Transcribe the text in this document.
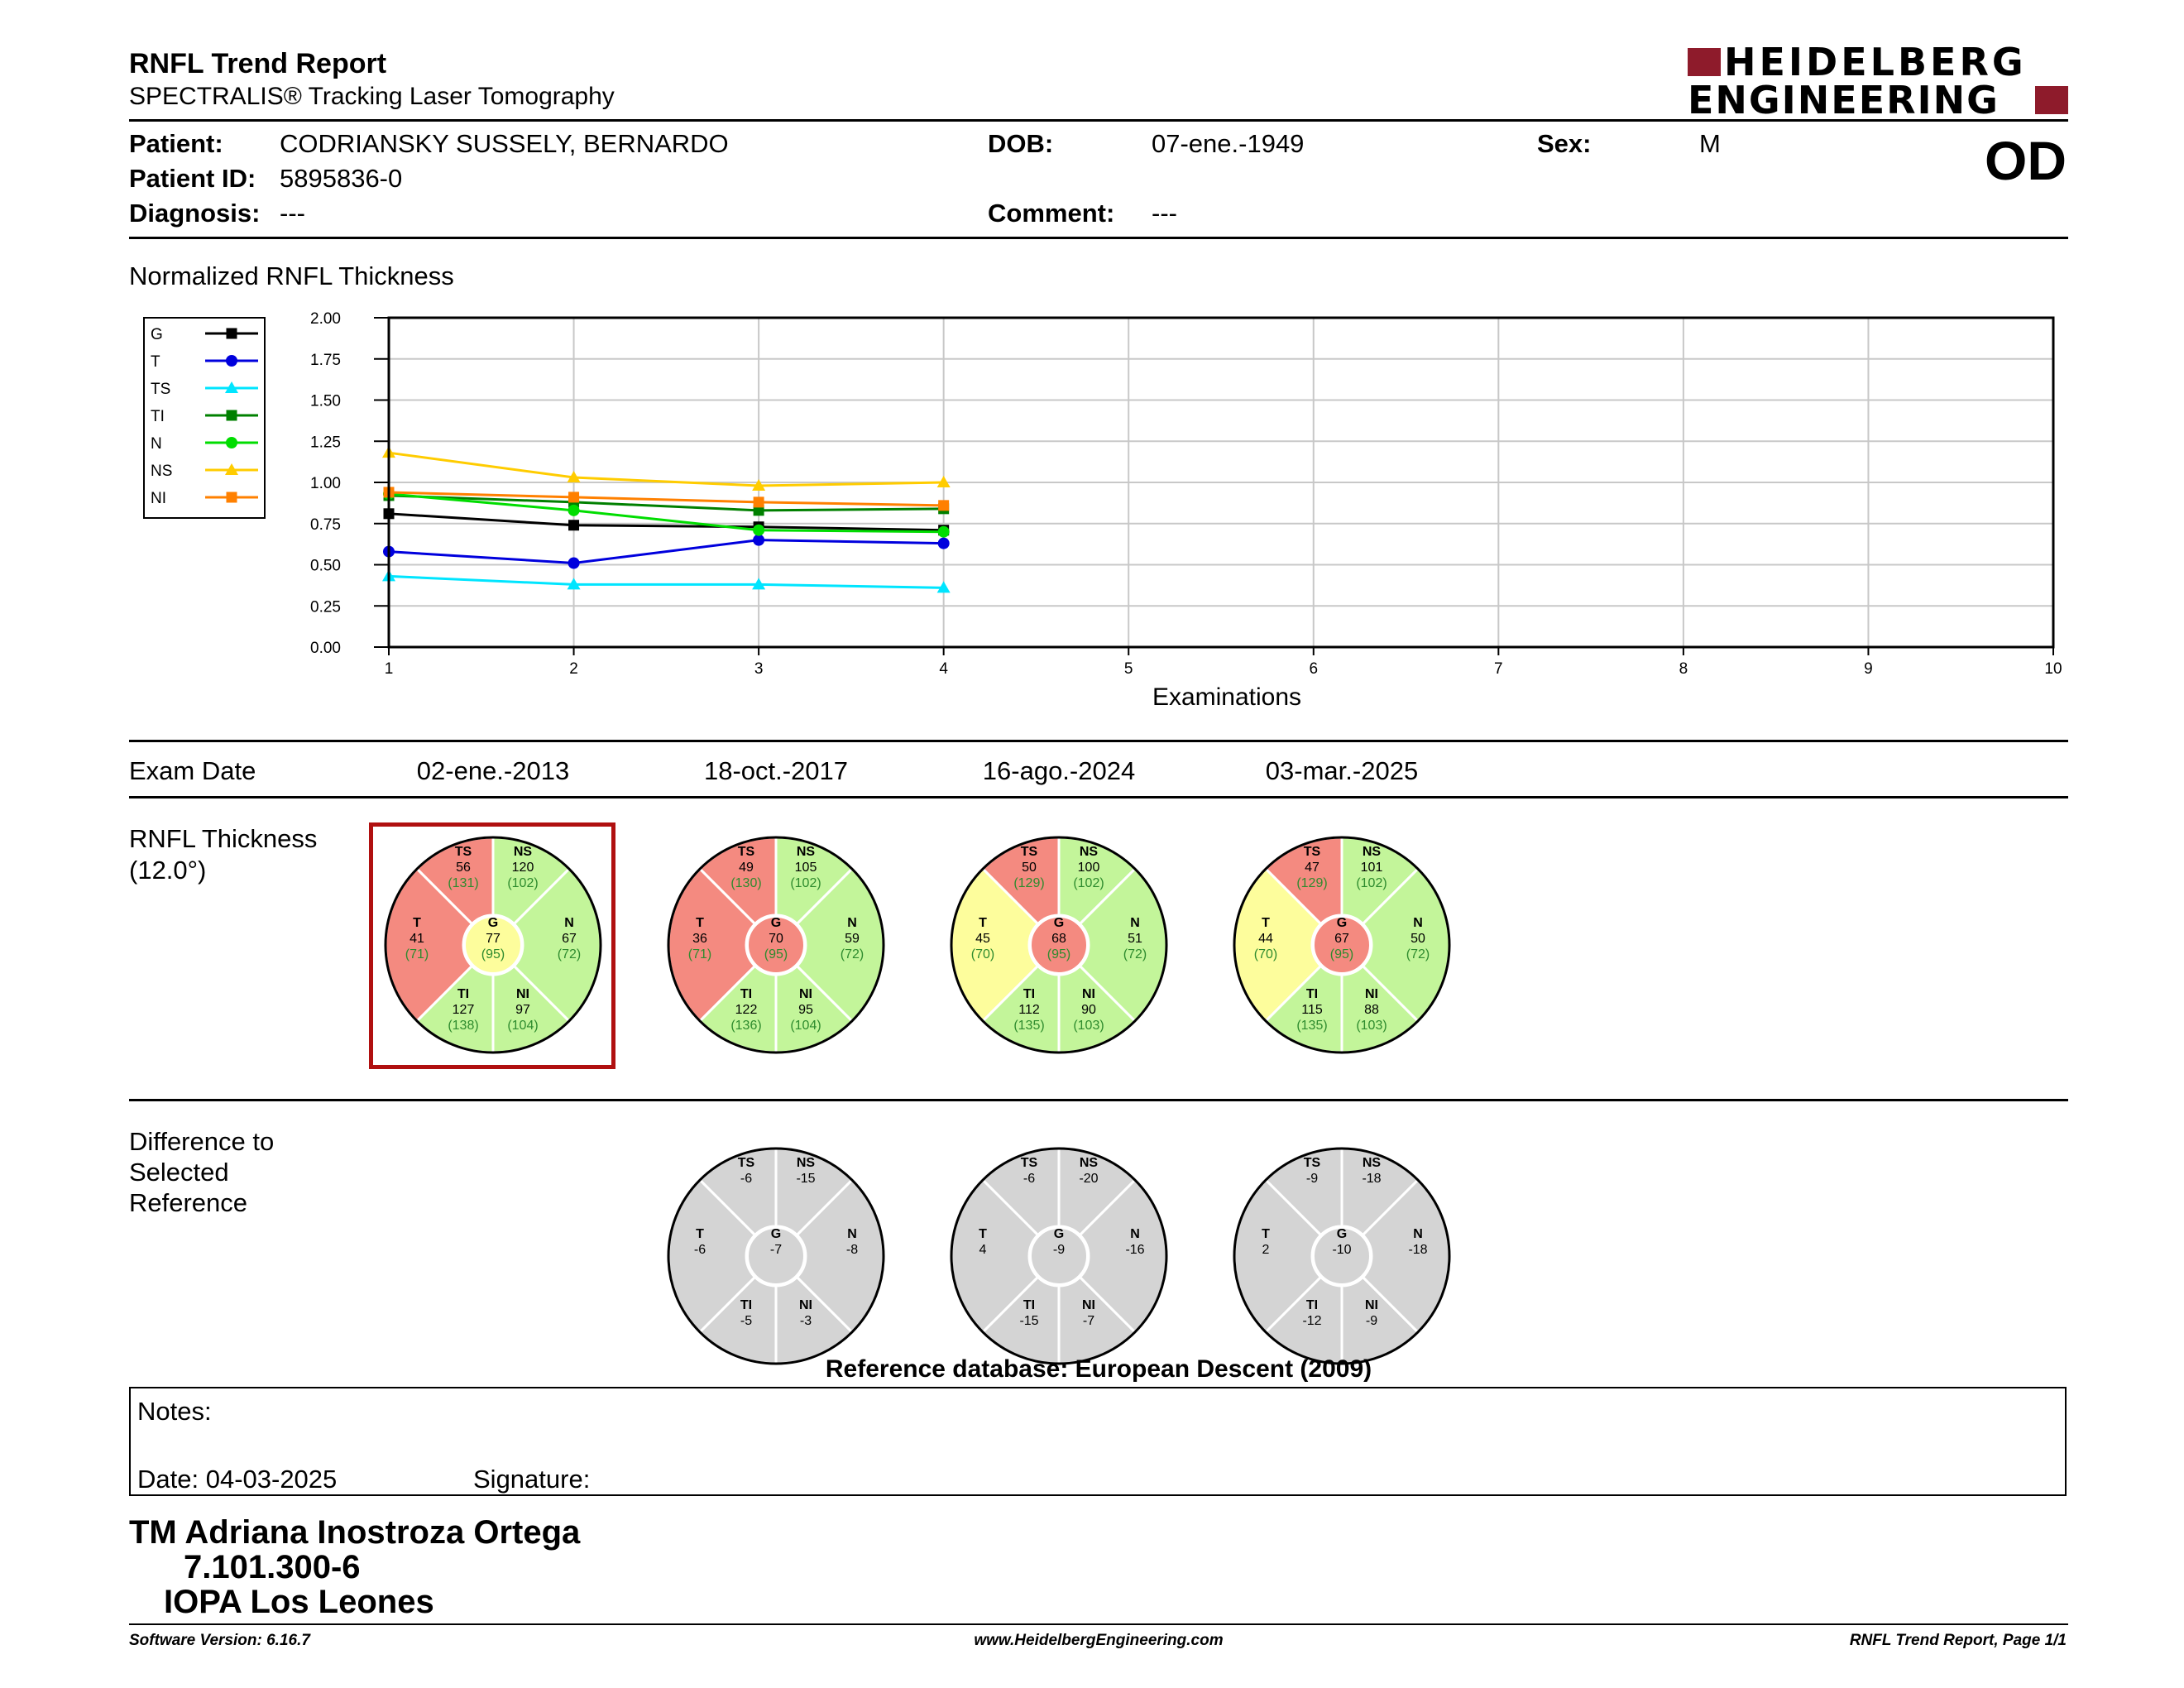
RNFL Trend Report
SPECTRALIS® Tracking Laser Tomography
HEIDELBERG
ENGINEERING
Patient: CODRIANSKY SUSSELY, BERNARDO
Patient ID: 5895836-0
Diagnosis: ---
DOB:	07-ene.-1949
Comment: ---
Sex:	M	OD
Normalized RNFL Thickness
G
T
TS
TI
N
NS
NI
1	2	3	4	5	6	7	8	9	10
0.00
0.25
0.50
0.75
1.00
1.25
1.50
1.75
2.00
Examinations
Exam Date	02-ene.-2013	18-oct.-2017	16-ago.-2024	03-mar.-2025
RNFL Thickness
(12.0°)
TS
56
(131)
NS
120
(102)
T
41
(71)
N
67
(72)
G
77
(95)
TI
127
(138)
NI
97
(104)
TS
49
(130)
NS
105
(102)
T
36
(71)
N
59
(72)
G
70
(95)
TI
122
(136)
NI
95
(104)
TS
50
(129)
NS
100
(102)
T
45
(70)
N
51
(72)
G
68
(95)
TI
112
(135)
NI
90
(103)
TS
47
(129)
NS
101
(102)
T
44
(70)
N
50
(72)
G
67
(95)
TI
115
(135)
NI
88
(103)
Difference to
Selected
Reference
TS
-6
NS
-15
T
-6
N
-8
G
-7
TI
-5
NI
-3
TS
-6
NS
-20
T
4
N
-16
G
-9
TI
-15
NI
-7
TS
-9
NS
-18
T
2
N
-18
G
-10
TI
-12
NI
-9
Reference database: European Descent (2009)
Notes:
Date: 04-03-2025	Signature:
TM Adriana Inostroza Ortega
7.101.300-6
IOPA Los Leones
Software Version: 6.16.7	www.HeidelbergEngineering.com	RNFL Trend Report, Page 1/1
